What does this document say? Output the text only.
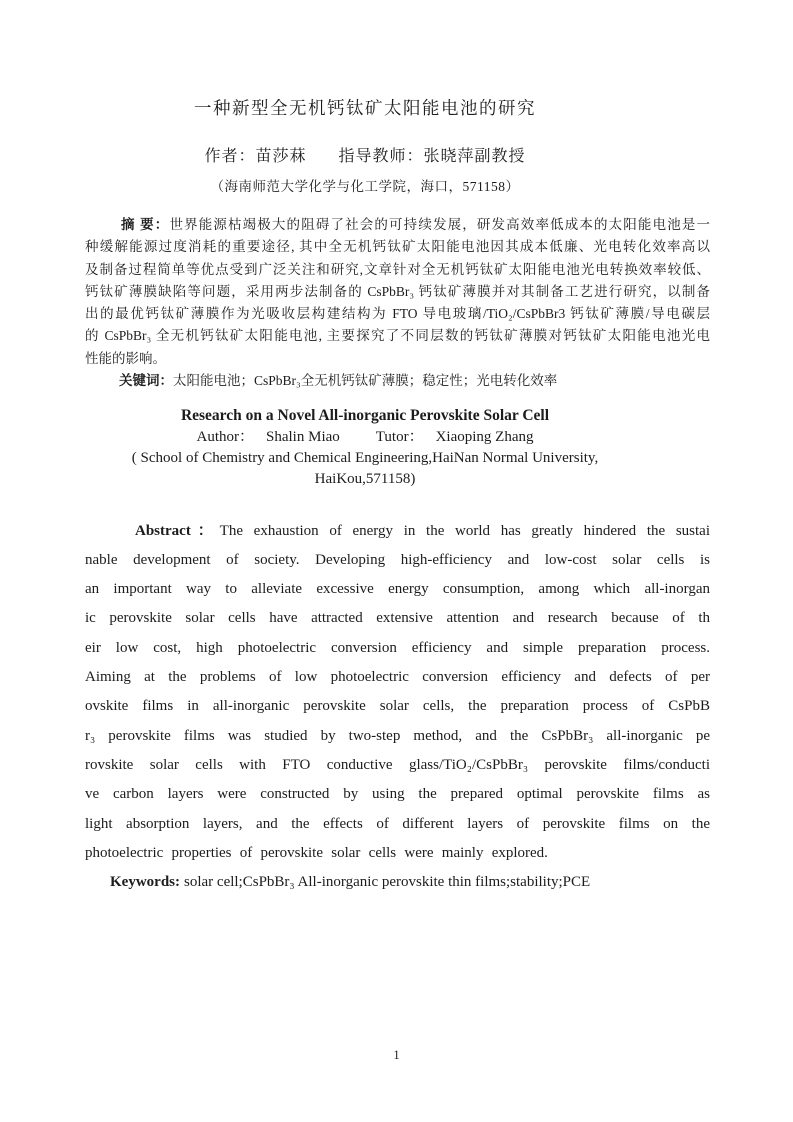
一种新型全无机钙钛矿太阳能电池的研究
作者：苗莎菻 指导教师：张晓萍副教授
（海南师范大学化学与化工学院，海口，571158）
摘 要：世界能源枯竭极大的阻碍了社会的可持续发展，研发高效率低成本的太阳能电池是一
种缓解能源过度消耗的重要途径, 其中全无机钙钛矿太阳能电池因其成本低廉、光电转化效率高以
及制备过程简单等优点受到广泛关注和研究,文章针对全无机钙钛矿太阳能电池光电转换效率较低、
钙钛矿薄膜缺陷等问题，采用两步法制备的 CsPbBr₃ 钙钛矿薄膜并对其制备工艺进行研究，以制备
出的最优钙钛矿薄膜作为光吸收层构建结构为 FTO 导电玻璃/TiO₂/CsPbBr3 钙钛矿薄膜/导电碳层
的 CsPbBr₃ 全无机钙钛矿太阳能电池, 主要探究了不同层数的钙钛矿薄膜对钙钛矿太阳能电池光电
性能的影响。
关键词：太阳能电池；CsPbBr₃全无机钙钛矿薄膜；稳定性；光电转化效率
Research on a Novel All-inorganic Perovskite Solar Cell
Author： Shalin Miao Tutor： Xiaoping Zhang
( School of Chemistry and Chemical Engineering,HaiNan Normal University,
HaiKou,571158)
Abstract：The exhaustion of energy in the world has greatly hindered the sustai
nable development of society. Developing high-efficiency and low-cost solar cells is
an important way to alleviate excessive energy consumption, among which all-inorgan
ic perovskite solar cells have attracted extensive attention and research because of th
eir low cost, high photoelectric conversion efficiency and simple preparation process.
Aiming at the problems of low photoelectric conversion efficiency and defects of per
ovskite films in all-inorganic perovskite solar cells, the preparation process of CsPbB
r₃ perovskite films was studied by two-step method, and the CsPbBr₃ all-inorganic pe
rovskite solar cells with FTO conductive glass/TiO₂/CsPbBr₃ perovskite films/conducti
ve carbon layers were constructed by using the prepared optimal perovskite films as
light absorption layers, and the effects of different layers of perovskite films on the
photoelectric properties of perovskite solar cells were mainly explored.
Keywords: solar cell;CsPbBr₃ All-inorganic perovskite thin films;stability;PCE
1
